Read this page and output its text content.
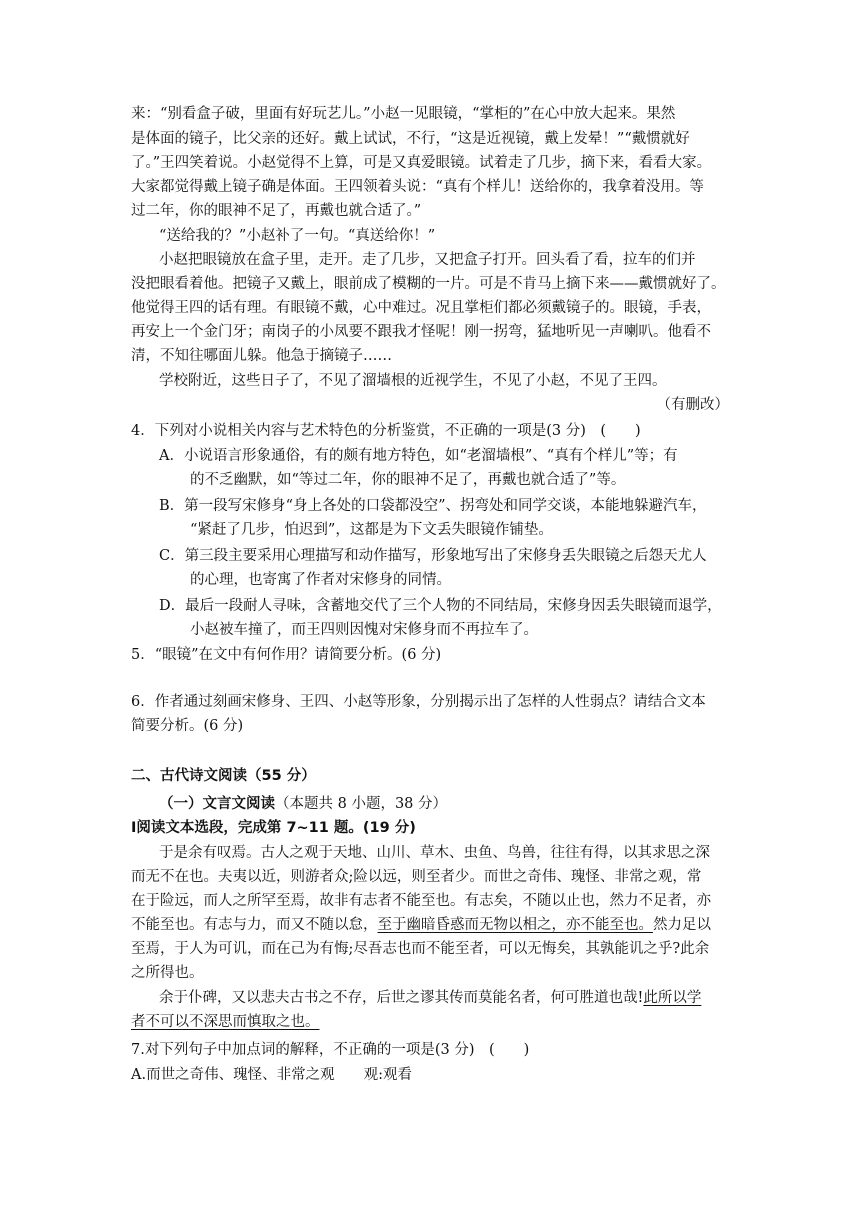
来：“别看盒子破，里面有好玩艺儿。”小赵一见眼镜，“掌柜的”在心中放大起来。果然
是体面的镜子，比父亲的还好。戴上试试，不行，“这是近视镜，戴上发晕！”“戴惯就好
了。”王四笑着说。小赵觉得不上算，可是又真爱眼镜。试着走了几步，摘下来，看看大家。
大家都觉得戴上镜子确是体面。王四领着头说：“真有个样儿！送给你的，我拿着没用。等
过二年，你的眼神不足了，再戴也就合适了。”
“送给我的？”小赵补了一句。“真送给你！”
小赵把眼镜放在盒子里，走开。走了几步，又把盒子打开。回头看了看，拉车的们并
没把眼看着他。把镜子又戴上，眼前成了模糊的一片。可是不肯马上摘下来——戴惯就好了。
他觉得王四的话有理。有眼镜不戴，心中难过。况且掌柜们都必须戴镜子的。眼镜，手表，
再安上一个金门牙；南岗子的小凤要不跟我才怪呢！刚一拐弯，猛地听见一声喇叭。他看不
清，不知往哪面儿躲。他急于摘镜子……
学校附近，这些日子了，不见了溜墙根的近视学生，不见了小赵，不见了王四。
（有删改）
4．下列对小说相关内容与艺术特色的分析鉴赏，不正确的一项是(3 分)　(　　)
A．小说语言形象通俗，有的颇有地方特色，如“老溜墙根”、“真有个样儿”等；有
的不乏幽默，如“等过二年，你的眼神不足了，再戴也就合适了”等。
B．第一段写宋修身“身上各处的口袋都没空”、拐弯处和同学交谈，本能地躲避汽车，
“紧赶了几步，怕迟到”，这都是为下文丢失眼镜作铺垫。
C．第三段主要采用心理描写和动作描写，形象地写出了宋修身丢失眼镜之后怨天尤人
的心理，也寄寓了作者对宋修身的同情。
D．最后一段耐人寻味，含蓄地交代了三个人物的不同结局，宋修身因丢失眼镜而退学，
小赵被车撞了，而王四则因愧对宋修身而不再拉车了。
5．“眼镜”在文中有何作用？请简要分析。(6 分)
6．作者通过刻画宋修身、王四、小赵等形象，分别揭示出了怎样的人性弱点？请结合文本
简要分析。(6 分)
二、古代诗文阅读（55 分）
（一）文言文阅读（本题共 8 小题，38 分）
Ⅰ阅读文本选段，完成第 7~11 题。(19 分)
于是余有叹焉。古人之观于天地、山川、草木、虫鱼、鸟兽，往往有得，以其求思之深
而无不在也。夫夷以近，则游者众;险以远，则至者少。而世之奇伟、瑰怪、非常之观，常
在于险远，而人之所罕至焉，故非有志者不能至也。有志矣，不随以止也，然力不足者，亦
不能至也。有志与力，而又不随以怠，至于幽暗昏惑而无物以相之，亦不能至也。然力足以
至焉，于人为可讥，而在己为有悔;尽吾志也而不能至者，可以无悔矣，其孰能讥之乎?此余
之所得也。
余于仆碑，又以悲夫古书之不存，后世之谬其传而莫能名者，何可胜道也哉!此所以学
者不可以不深思而慎取之也。
7.对下列句子中加点词的解释，不正确的一项是(3 分)　(　　)
A.而世之奇伟、瑰怪、非常之观　　观:观看
